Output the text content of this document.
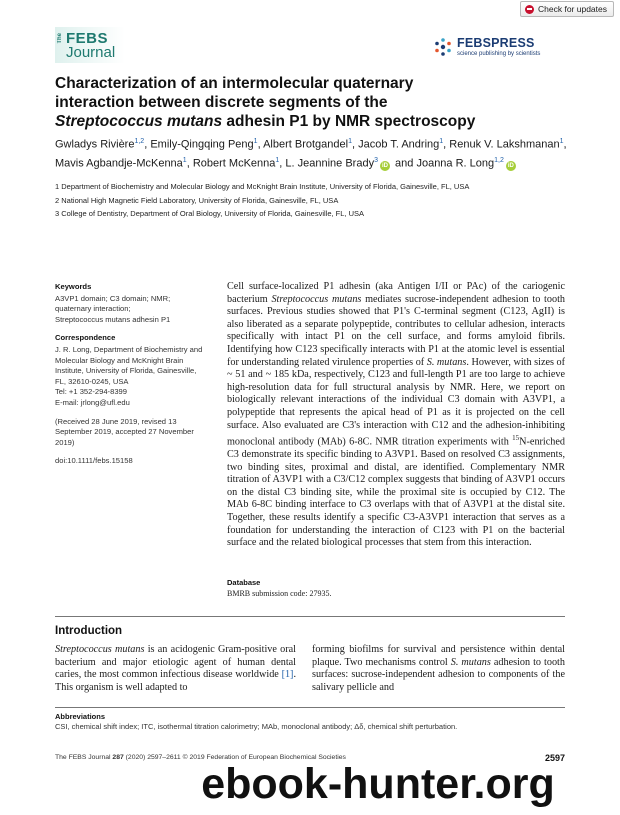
Check for updates
The FEBS
Journal
FEBSPRESS
science publishing by scientists
Characterization of an intermolecular quaternary
interaction between discrete segments of the
Streptococcus mutans adhesin P1 by NMR spectroscopy
Gwladys Rivière$^{1,2}$, Emily-Qingqing Peng$^1$, Albert Brotgandel$^1$, Jacob T. Andring$^1$, Renuk V. Lakshmanan$^1$, Mavis Agbandje-McKenna$^1$, Robert McKenna$^1$, L. Jeannine Brady$^3$iD and Joanna R. Long$^{1,2}$iD
1 Department of Biochemistry and Molecular Biology and McKnight Brain Institute, University of Florida, Gainesville, FL, USA
2 National High Magnetic Field Laboratory, University of Florida, Gainesville, FL, USA
3 College of Dentistry, Department of Oral Biology, University of Florida, Gainesville, FL, USA
Keywords

A3VP1 domain; C3 domain; NMR;

quaternary interaction;

Streptococcus mutans adhesin P1

Correspondence

J. R. Long, Department of Biochemistry and

Molecular Biology and McKnight Brain

Institute, University of Florida, Gainesville,

FL, 32610-0245, USA

Tel: +1 352-294-8399

E-mail: jrlong@ufl.edu

(Received 28 June 2019, revised 13

September 2019, accepted 27 November

2019)

doi:10.1111/febs.15158

Cell surface-localized P1 adhesin (aka Antigen I/II or PAc) of the cariogenic bacterium Streptococcus mutans mediates sucrose-independent adhesion to tooth surfaces. Previous studies showed that P1's C-terminal segment (C123, AgII) is also liberated as a separate polypeptide, contributes to cellular adhesion, interacts specifically with intact P1 on the cell surface, and forms amyloid fibrils. Identifying how C123 specifically interacts with P1 at the atomic level is essential for understanding related virulence properties of S. mutans. However, with sizes of ~ 51 and ~ 185 kDa, respectively, C123 and full-length P1 are too large to achieve high-resolution data for full structural analysis by NMR. Here, we report on biologically relevant interactions of the individual C3 domain with A3VP1, a polypeptide that represents the apical head of P1 as it is projected on the cell surface. Also evaluated are C3's interaction with C12 and the adhesion-inhibiting monoclonal antibody (MAb) 6-8C. NMR titration experiments with $^{15}$N-enriched C3 demonstrate its specific binding to A3VP1. Based on resolved C3 assignments, two binding sites, proximal and distal, are identified. Complementary NMR titration of A3VP1 with a C3/C12 complex suggests that binding of A3VP1 occurs on the distal C3 binding site, while the proximal site is occupied by C12. The MAb 6-8C binding interface to C3 overlaps with that of A3VP1 at the distal site. Together, these results identify a specific C3-A3VP1 interaction that serves as a foundation for understanding the interaction of C123 with P1 on the bacterial surface and the related biological processes that stem from this interaction.
Database
BMRB submission code: 27935.
Introduction
Streptococcus mutans is an acidogenic Gram-positive oral bacterium and major etiologic agent of human dental caries, the most common infectious disease worldwide [1]. This organism is well adapted to
forming biofilms for survival and persistence within dental plaque. Two mechanisms control S. mutans adhesion to tooth surfaces: sucrose-independent adhesion to components of the salivary pellicle and
Abbreviations
CSI, chemical shift index; ITC, isothermal titration calorimetry; MAb, monoclonal antibody; Δδ, chemical shift perturbation.
The FEBS Journal 287 (2020) 2597–2611 © 2019 Federation of European Biochemical Societies	2597
ebook-hunter.org
